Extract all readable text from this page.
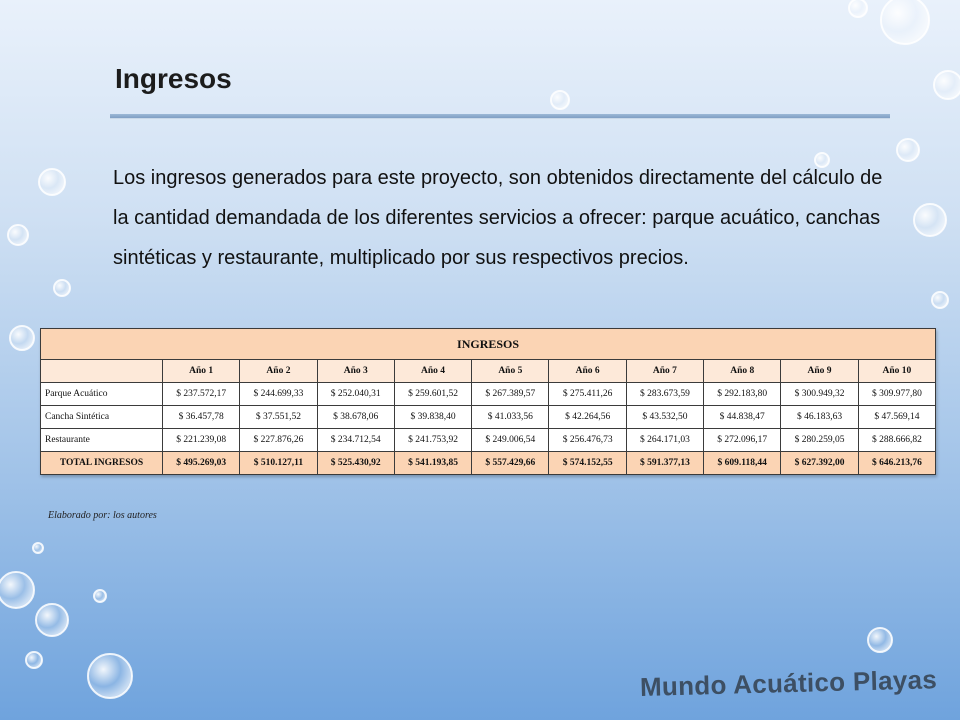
Ingresos
Los ingresos generados para este proyecto, son obtenidos directamente del cálculo de la cantidad demandada de los diferentes servicios a ofrecer: parque acuático, canchas sintéticas y restaurante, multiplicado por sus respectivos precios.
INGRESOS										
	Año 1	Año 2	Año 3	Año 4	Año 5	Año 6	Año 7	Año 8	Año 9	Año 10
Parque Acuático	$ 237.572,17	$ 244.699,33	$ 252.040,31	$ 259.601,52	$ 267.389,57	$ 275.411,26	$ 283.673,59	$ 292.183,80	$ 300.949,32	$ 309.977,80
Cancha Sintética	$ 36.457,78	$ 37.551,52	$ 38.678,06	$ 39.838,40	$ 41.033,56	$ 42.264,56	$ 43.532,50	$ 44.838,47	$ 46.183,63	$ 47.569,14
Restaurante	$ 221.239,08	$ 227.876,26	$ 234.712,54	$ 241.753,92	$ 249.006,54	$ 256.476,73	$ 264.171,03	$ 272.096,17	$ 280.259,05	$ 288.666,82
TOTAL INGRESOS	$ 495.269,03	$ 510.127,11	$ 525.430,92	$ 541.193,85	$ 557.429,66	$ 574.152,55	$ 591.377,13	$ 609.118,44	$ 627.392,00	$ 646.213,76
Elaborado por: los autores
Mundo Acuático Playas
